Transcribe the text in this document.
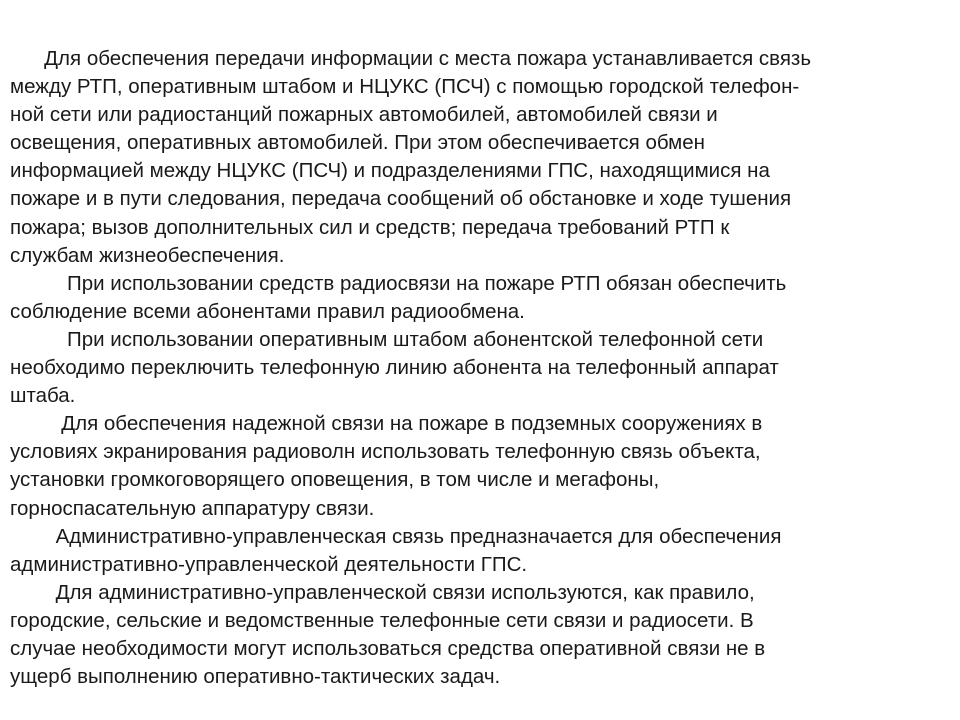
Для обеспечения передачи информации с места пожара устанавливается связь
между РТП, оперативным штабом и НЦУКС (ПСЧ) с помощью городской телефон-
ной сети или радиостанций пожарных автомобилей, автомобилей связи и
освещения, оперативных автомобилей. При этом обеспечивается обмен
информацией между НЦУКС (ПСЧ) и подразделениями ГПС, находящимися на
пожаре и в пути следования, передача сообщений об обстановке и ходе тушения
пожара; вызов дополнительных сил и средств; передача требований РТП к
службам жизнеобеспечения.
При использовании средств радиосвязи на пожаре РТП обязан обеспечить
соблюдение всеми абонентами правил радиообмена.
При использовании оперативным штабом абонентской телефонной сети
необходимо переключить телефонную линию абонента на телефонный аппарат
штаба.
Для обеспечения надежной связи на пожаре в подземных сооружениях в
условиях экранирования радиоволн использовать телефонную связь объекта,
установки громкоговорящего оповещения, в том числе и мегафоны,
горноспасательную аппаратуру связи.
Административно-управленческая связь предназначается для обеспечения
административно-управленческой деятельности ГПС.
Для административно-управленческой связи используются, как правило,
городские, сельские и ведомственные телефонные сети связи и радиосети. В
случае необходимости могут использоваться средства оперативной связи не в
ущерб выполнению оперативно-тактических задач.
